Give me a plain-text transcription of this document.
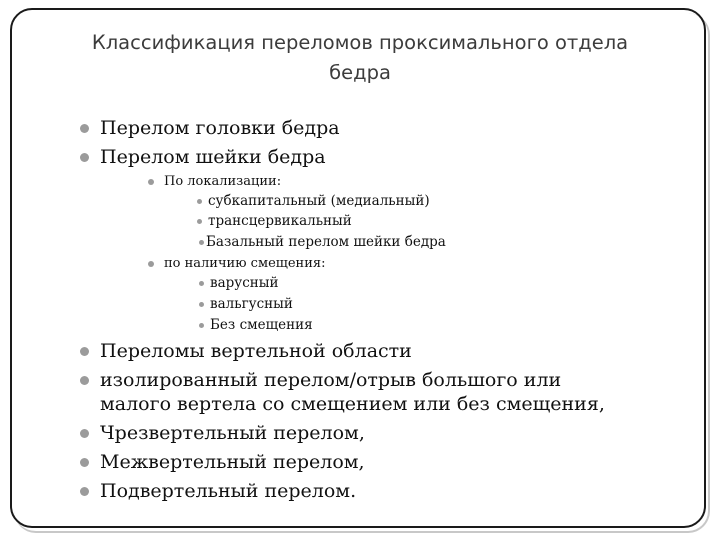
Классификация переломов проксимального отдела
бедра
Перелом головки бедра
Перелом шейки бедра
По локализации:
субкапитальный (медиальный)
трансцервикальный
Базальный перелом шейки бедра
по наличию смещения:
варусный
вальгусный
Без смещения
Переломы вертельной области
изолированный перелом/отрыв большого или
малого вертела со смещением или без смещения,
Чрезвертельный перелом,
Межвертельный перелом,
Подвертельный перелом.
